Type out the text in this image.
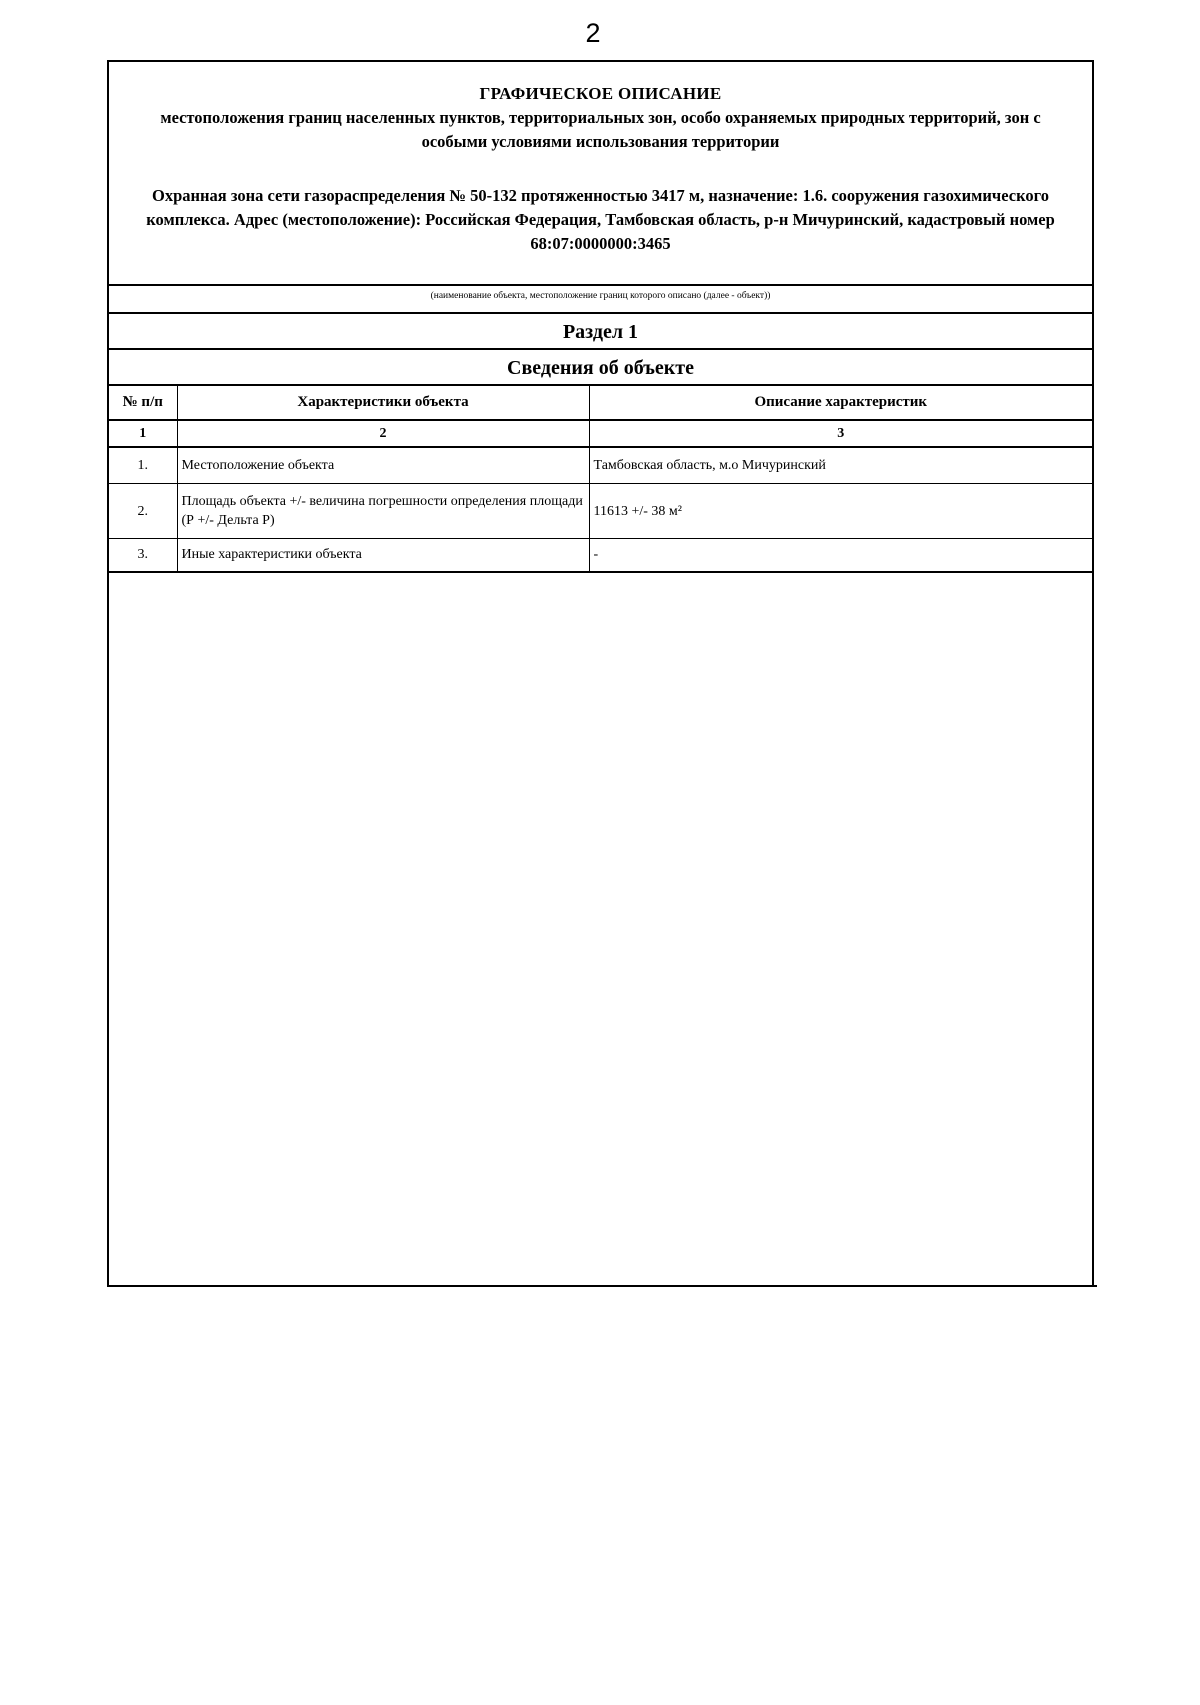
2
ГРАФИЧЕСКОЕ ОПИСАНИЕ
местоположения границ населенных пунктов, территориальных зон, особо охраняемых природных территорий, зон с особыми условиями использования территории
Охранная зона сети газораспределения № 50-132 протяженностью 3417 м, назначение: 1.6. сооружения газохимического комплекса. Адрес (местоположение): Российская Федерация, Тамбовская область, р-н Мичуринский, кадастровый номер 68:07:0000000:3465
(наименование объекта, местоположение границ которого описано (далее - объект))
Раздел 1
Сведения об объекте
№ п/п	Характеристики объекта	Описание характеристик
1	2	3
1.	Местоположение объекта	Тамбовская область, м.о Мичуринский
2.	Площадь объекта +/- величина погрешности определения площади (Р +/- Дельта Р)	11613 +/- 38 м²
3.	Иные характеристики объекта	-
